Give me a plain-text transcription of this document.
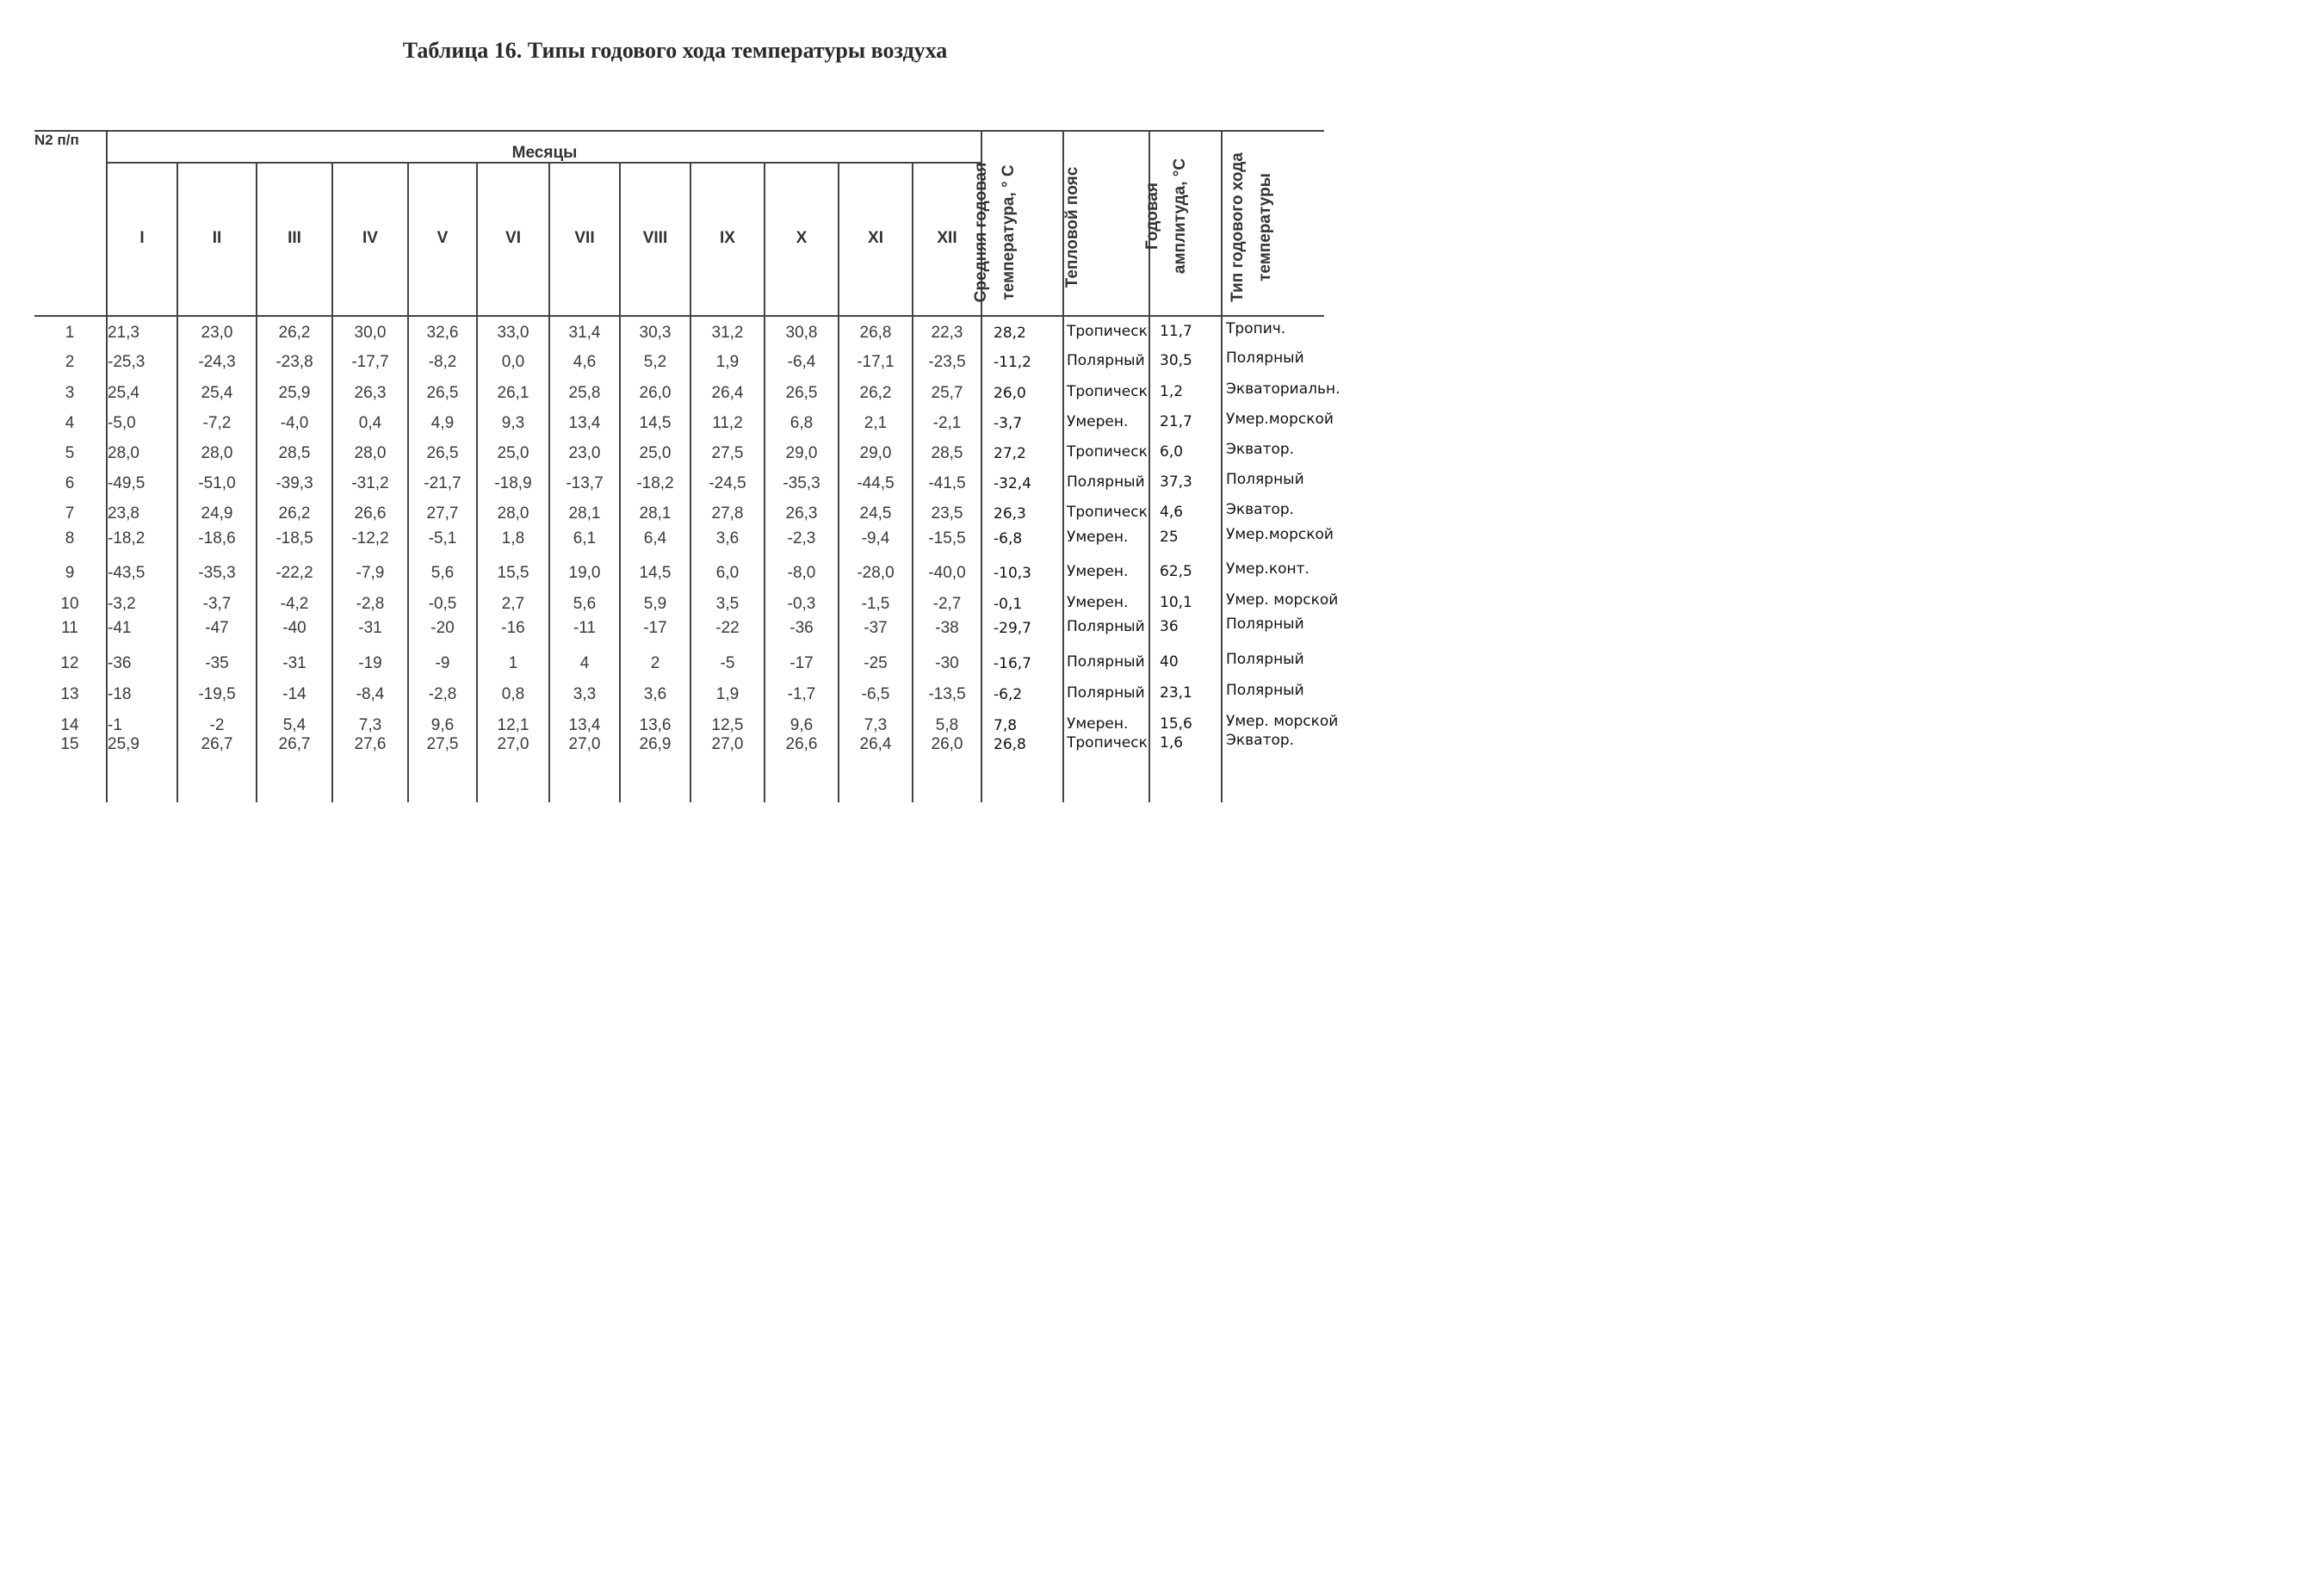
Таблица 16. Типы годового хода температуры воздуха
N2 п/п
Месяцы
I	II	III	IV	V	VI	VII	VIII	IX	X	XI	XII Средняя годовая температура, ° С	Тепловой пояс	Годовая амплитуда, °С	Тип годового хода температуры
1	21,3	23,0	26,2	30,0	32,6	33,0	31,4	30,3	31,2	30,8	26,8	22,3	28,2	Тропическ 11,7 Тропич.
2	-25,3	-24,3	-23,8	-17,7	-8,2	0,0	4,6	5,2	1,9	-6,4	-17,1	-23,5	-11,2 Полярный 30,5 Полярный
3	25,4	25,4	25,9	26,3	26,5	26,1	25,8	26,0	26,4	26,5	26,2	25,7	26,0	Тропическ 1,2	Экваториальн.
4	-5,0	-7,2	-4,0	0,4	4,9	9,3	13,4	14,5	11,2	6,8	2,1	-2,1	-3,7	Умерен. 21,7 Умер.морской
5	28,0	28,0	28,5	28,0	26,5	25,0	23,0	25,0	27,5	29,0	29,0	28,5	27,2	Тропическ 6,0	Экватор.
6	-49,5	-51,0	-39,3	-31,2	-21,7	-18,9	-13,7	-18,2	-24,5	-35,3	-44,5	-41,5	-32,4 Полярный 37,3 Полярный
7	23,8	24,9	26,2	26,6	27,7	28,0	28,1	28,1	27,8	26,3	24,5	23,5	26,3	Тропическ 4,6	Экватор.
8	-18,2	-18,6	-18,5	-12,2	-5,1	1,8	6,1	6,4	3,6	-2,3	-9,4	-15,5	-6,8	Умерен. 25	Умер.морской
9	-43,5	-35,3	-22,2	-7,9	5,6	15,5	19,0	14,5	6,0	-8,0	-28,0	-40,0	-10,3 Умерен. 62,5 Умер.конт.
10	-3,2	-3,7	-4,2	-2,8	-0,5	2,7	5,6	5,9	3,5	-0,3	-1,5	-2,7	-0,1	Умерен. 10,1 Умер. морской
11	-41	-47	-40	-31	-20	-16	-11	-17	-22	-36	-37	-38	-29,7 Полярный 36	Полярный
12	-36	-35	-31	-19	-9	1	4	2	-5	-17	-25	-30	-16,7 Полярный 40	Полярный
13	-18	-19,5	-14	-8,4	-2,8	0,8	3,3	3,6	1,9	-1,7	-6,5	-13,5	-6,2	Полярный 23,1 Полярный
14	-1	-2	5,4	7,3	9,6	12,1	13,4	13,6	12,5	9,6	7,3	5,8	7,8	Умерен. 15,6 Умер. морской
15	25,9	26,7	26,7	27,6	27,5	27,0	27,0	26,9	27,0	26,6	26,4	26,0	26,8	Тропическ 1,6	Экватор.
